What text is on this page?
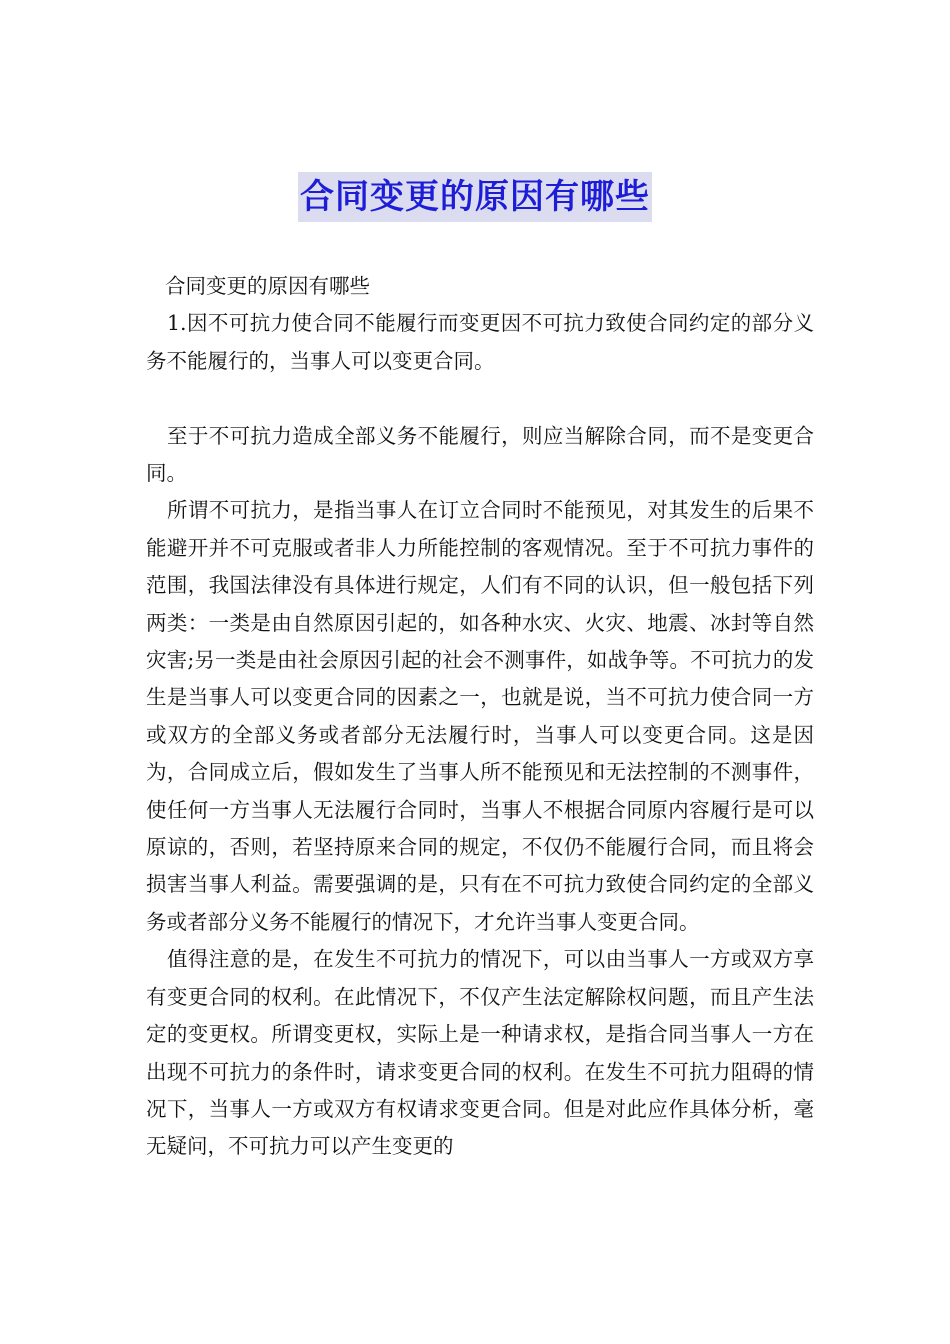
合同变更的原因有哪些

合同变更的原因有哪些

1.因不可抗力使合同不能履行而变更因不可抗力致使合同约定的部分义务不能履行的，当事人可以变更合同。

至于不可抗力造成全部义务不能履行，则应当解除合同，而不是变更合同。

所谓不可抗力，是指当事人在订立合同时不能预见，对其发生的后果不能避开并不可克服或者非人力所能控制的客观情况。至于不可抗力事件的范围，我国法律没有具体进行规定，人们有不同的认识，但一般包括下列两类：一类是由自然原因引起的，如各种水灾、火灾、地震、冰封等自然灾害;另一类是由社会原因引起的社会不测事件，如战争等。不可抗力的发生是当事人可以变更合同的因素之一，也就是说，当不可抗力使合同一方或双方的全部义务或者部分无法履行时，当事人可以变更合同。这是因为，合同成立后，假如发生了当事人所不能预见和无法控制的不测事件，使任何一方当事人无法履行合同时，当事人不根据合同原内容履行是可以原谅的，否则，若坚持原来合同的规定，不仅仍不能履行合同，而且将会损害当事人利益。需要强调的是，只有在不可抗力致使合同约定的全部义务或者部分义务不能履行的情况下，才允许当事人变更合同。

值得注意的是，在发生不可抗力的情况下，可以由当事人一方或双方享有变更合同的权利。在此情况下，不仅产生法定解除权问题，而且产生法定的变更权。所谓变更权，实际上是一种请求权，是指合同当事人一方在出现不可抗力的条件时，请求变更合同的权利。在发生不可抗力阻碍的情况下，当事人一方或双方有权请求变更合同。但是对此应作具体分析，毫无疑问，不可抗力可以产生变更的
